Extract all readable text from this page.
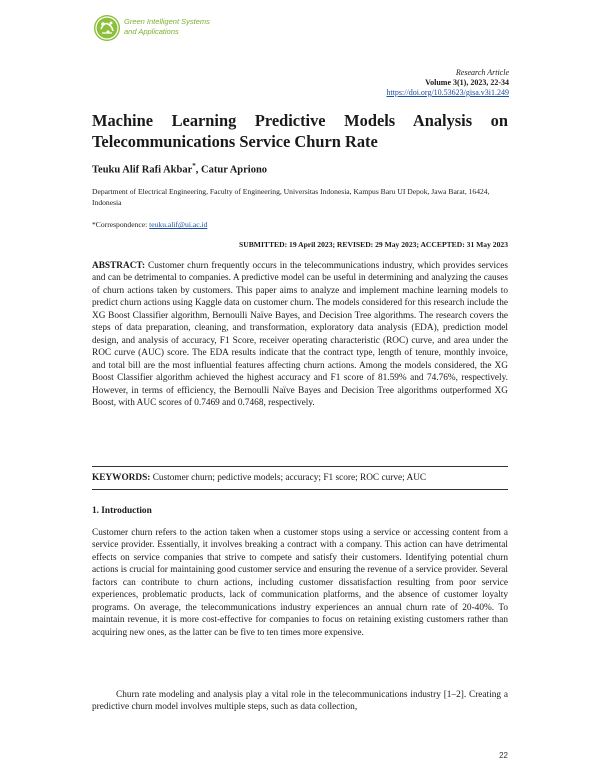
Green Intelligent Systems
and Applications
Research Article
Volume 3(1), 2023, 22-34
https://doi.org/10.53623/gisa.v3i1.249
Machine Learning Predictive Models Analysis on Telecommunications Service Churn Rate
Teuku Alif Rafi Akbar*, Catur Apriono
Department of Electrical Engineering, Faculty of Engineering, Universitas Indonesia, Kampus Baru UI Depok, Jawa Barat, 16424, Indonesia
*Correspondence: teuku.alif@ui.ac.id
SUBMITTED: 19 April 2023; REVISED: 29 May 2023; ACCEPTED: 31 May 2023
ABSTRACT: Customer churn frequently occurs in the telecommunications industry, which provides services and can be detrimental to companies. A predictive model can be useful in determining and analyzing the causes of churn actions taken by customers. This paper aims to analyze and implement machine learning models to predict churn actions using Kaggle data on customer churn. The models considered for this research include the XG Boost Classifier algorithm, Bernoulli Naïve Bayes, and Decision Tree algorithms. The research covers the steps of data preparation, cleaning, and transformation, exploratory data analysis (EDA), prediction model design, and analysis of accuracy, F1 Score, receiver operating characteristic (ROC) curve, and area under the ROC curve (AUC) score. The EDA results indicate that the contract type, length of tenure, monthly invoice, and total bill are the most influential features affecting churn actions. Among the models considered, the XG Boost Classifier algorithm achieved the highest accuracy and F1 score of 81.59% and 74.76%, respectively. However, in terms of efficiency, the Bernoulli Naïve Bayes and Decision Tree algorithms outperformed XG Boost, with AUC scores of 0.7469 and 0.7468, respectively.
KEYWORDS: Customer churn; pedictive models; accuracy; F1 score; ROC curve; AUC
1. Introduction

Customer churn refers to the action taken when a customer stops using a service or accessing content from a service provider. Essentially, it involves breaking a contract with a company. This action can have detrimental effects on service companies that strive to compete and satisfy their customers. Identifying potential churn actions is crucial for maintaining good customer service and ensuring the revenue of a service provider. Several factors can contribute to churn actions, including customer dissatisfaction resulting from poor service experiences, problematic products, lack of communication platforms, and the absence of customer loyalty programs. On average, the telecommunications industry experiences an annual churn rate of 20-40%. To maintain revenue, it is more cost-effective for companies to focus on retaining existing customers rather than acquiring new ones, as the latter can be five to ten times more expensive.

Churn rate modeling and analysis play a vital role in the telecommunications industry [1–2]. Creating a predictive churn model involves multiple steps, such as data collection,

22
